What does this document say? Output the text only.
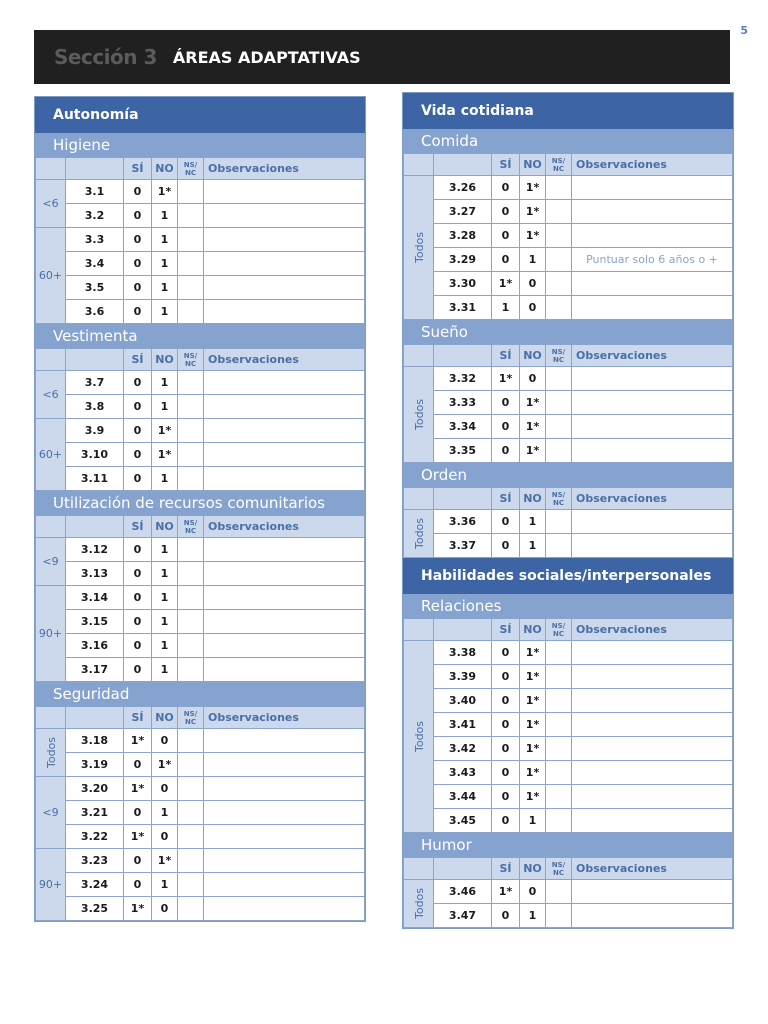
5
Sección 3 ÁREAS ADAPTATIVAS
Autonomía
Higiene
		SÍ	NO	NS/ NC	Observaciones
<6	3.1	0	1*		
	3.2	0	1		
60+	3.3	0	1		
	3.4	0	1		
	3.5	0	1		
	3.6	0	1		
Vestimenta
		SÍ	NO	NS/ NC	Observaciones
<6	3.7	0	1		
	3.8	0	1		
60+	3.9	0	1*		
	3.10	0	1*		
	3.11	0	1		
Utilización de recursos comunitarios
		SÍ	NO	NS/ NC	Observaciones
<9	3.12	0	1		
	3.13	0	1		
90+	3.14	0	1		
	3.15	0	1		
	3.16	0	1		
	3.17	0	1		
Seguridad
		SÍ	NO	NS/ NC	Observaciones
Todos	3.18	1*	0		
	3.19	0	1*		
<9	3.20	1*	0		
	3.21	0	1		
	3.22	1*	0		
90+	3.23	0	1*		
	3.24	0	1		
	3.25	1*	0		
Vida cotidiana
Comida
		SÍ	NO	NS/ NC	Observaciones
Todos	3.26	0	1*		
	3.27	0	1*		
	3.28	0	1*		
	3.29	0	1		Puntuar solo 6 años o +
	3.30	1*	0		
	3.31	1	0		
Sueño
		SÍ	NO	NS/ NC	Observaciones
Todos	3.32	1*	0		
	3.33	0	1*		
	3.34	0	1*		
	3.35	0	1*		
Orden
		SÍ	NO	NS/ NC	Observaciones
Todos	3.36	0	1		
	3.37	0	1		
Habilidades sociales/interpersonales
Relaciones
		SÍ	NO	NS/ NC	Observaciones
Todos	3.38	0	1*		
	3.39	0	1*		
	3.40	0	1*		
	3.41	0	1*		
	3.42	0	1*		
	3.43	0	1*		
	3.44	0	1*		
	3.45	0	1		
Humor
		SÍ	NO	NS/ NC	Observaciones
Todos	3.46	1*	0		
	3.47	0	1		
